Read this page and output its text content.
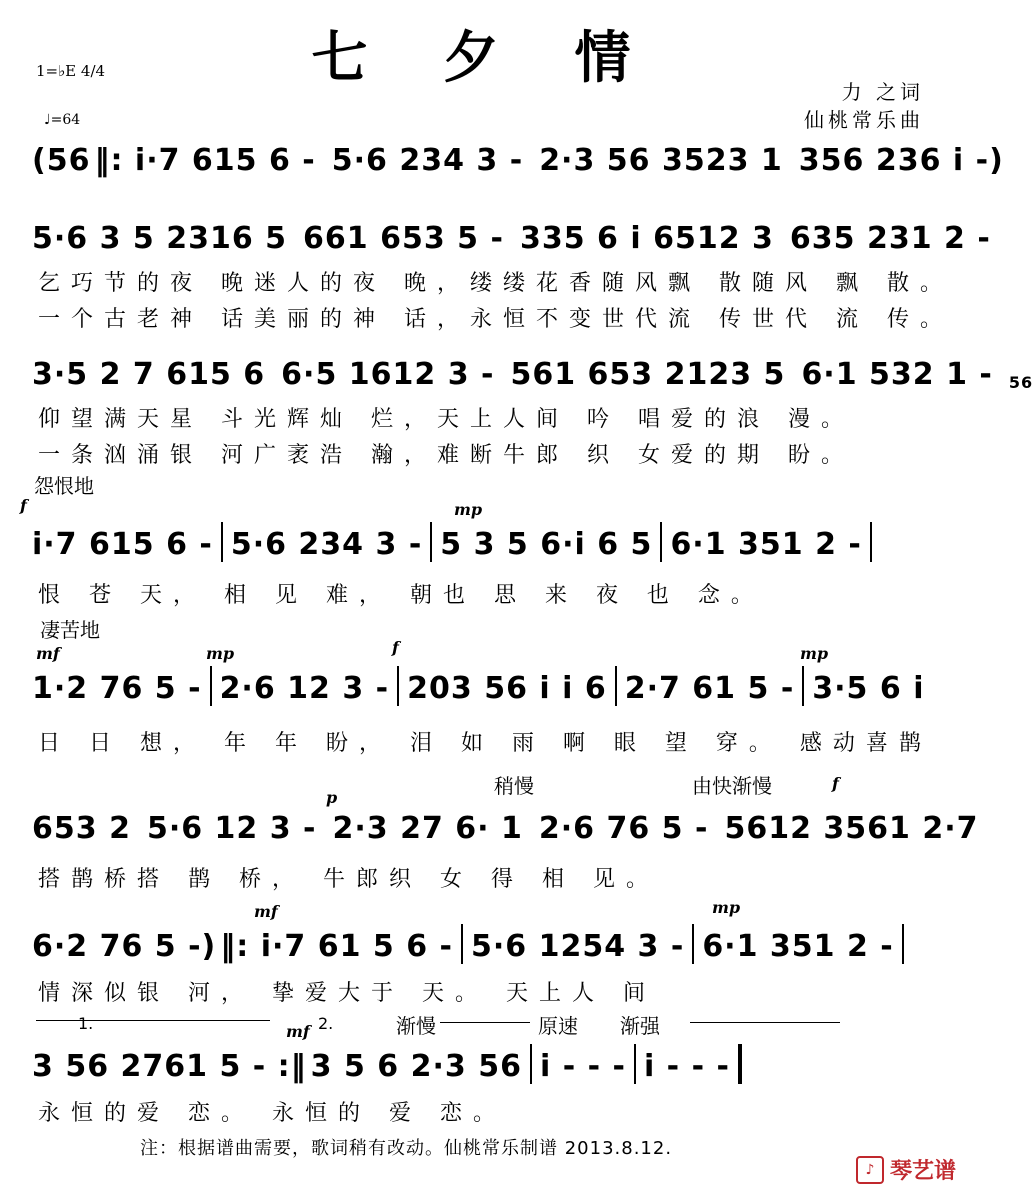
七 夕 情
1=♭E 4/4
♩=64
力 之词
仙桃常乐曲
(56 ‖: i·7 615 6 - 5·6 234 3 - 2·3 56 3523 1 356 236 i -)
5·6 3 5 2316 5 661 653 5 - 335 6 i 6512 3 635 231 2 -
乞巧节的夜 晚迷人的夜 晚，缕缕花香随风飘 散随风 飘 散。
一个古老神 话美丽的神 话，永恒不变世代流 传世代 流 传。
3·5 2 7 615 6 6·5 1612 3 - 561 653 2123 5 6·1 532 1 - 56
仰望满天星 斗光辉灿 烂，天上人间 吟 唱爱的浪 漫。
一条汹涌银 河广袤浩 瀚，难断牛郎 织 女爱的期 盼。
怨恨地
f	mp
i·7 615 6 - 5·6 234 3 - 5 3 5 6·i 6 5 6·1 351 2 -
恨 苍 天， 相 见 难， 朝也 思 来 夜 也 念。
凄苦地
mf	mp	f	mp
1·2 76 5 - 2·6 12 3 - 203 56 i i 6 2·7 61 5 - 3·5 6 i
日 日 想， 年 年 盼， 泪 如 雨 啊 眼 望 穿。 感动喜鹊
稍慢	由快渐慢	f
p
653 2 5·6 12 3 - 2·3 27 6· 1 2·6 76 5 - 5612 3561 2·7
搭鹊桥搭 鹊 桥， 牛郎织 女 得 相 见。
mf	mp
6·2 76 5 -) ‖: i·7 61 5 6 - 5·6 1254 3 - 6·1 351 2 -
情深似银 河， 挚爱大于 天。 天上人 间
1.	mf 2.	渐慢	原速 渐强
3 56 2761 5 - :‖ 3 5 6 2·3 56 i - - - i - - -
永恒的爱 恋。 永恒的 爱 恋。
注：根据谱曲需要，歌词稍有改动。仙桃常乐制谱 2013.8.12.
♪ 琴艺谱
